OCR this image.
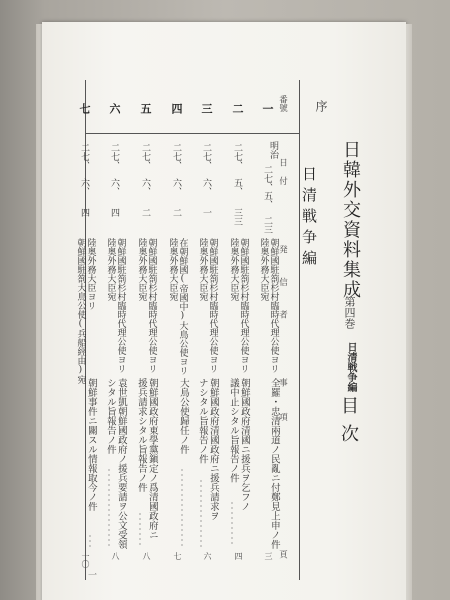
日韓外交資料集成
第四巻
日清戦争編
目次
序
日清戦争編
番號
日付
発信者
事項
頁
一
明治
二七、
五、
二三
朝鮮國駐箚杉村臨時代理公使ヨリ
陸奥外務大臣宛
全羅・忠清兩道ノ民亂ニ付鄭見上申ノ件
三
二
二七、
五、
三三
朝鮮國駐箚杉村臨時代理公使ヨリ
陸奥外務大臣宛
朝鮮國政府清國ニ援兵ヲ乞フノ
議中止シタル旨報告ノ件
四
三
二七、
六、
一
朝鮮國駐箚杉村臨時代理公使ヨリ
陸奥外務大臣宛
朝鮮國政府清國政府ニ援兵請求ヲ
ナシタル旨報告ノ件
六
四
二七、
六、
二
在朝鮮國(帝國中)大鳥公使ヨリ
陸奥外務大臣宛
大鳥公使歸任ノ件
七
五
二七、
六、
二
朝鮮國駐箚杉村臨時代理公使ヨリ
陸奥外務大臣宛
朝鮮國政府東學黨鎭定ノ爲清國政府ニ
援兵請求シタル旨報告ノ件
八
六
二七、
六、
四
朝鮮國駐箚杉村臨時代理公使ヨリ
陸奥外務大臣宛
袁世凱朝鮮國政府ノ援兵要請ヲ公文受領
シタル旨報告ノ件
八
七
二七、
六、
四
陸奥外務大臣ヨリ
朝鮮國駐箚大鳥公使(兵船經由)宛
朝鮮事件ニ關スル情報取今ノ件
一〇
一
